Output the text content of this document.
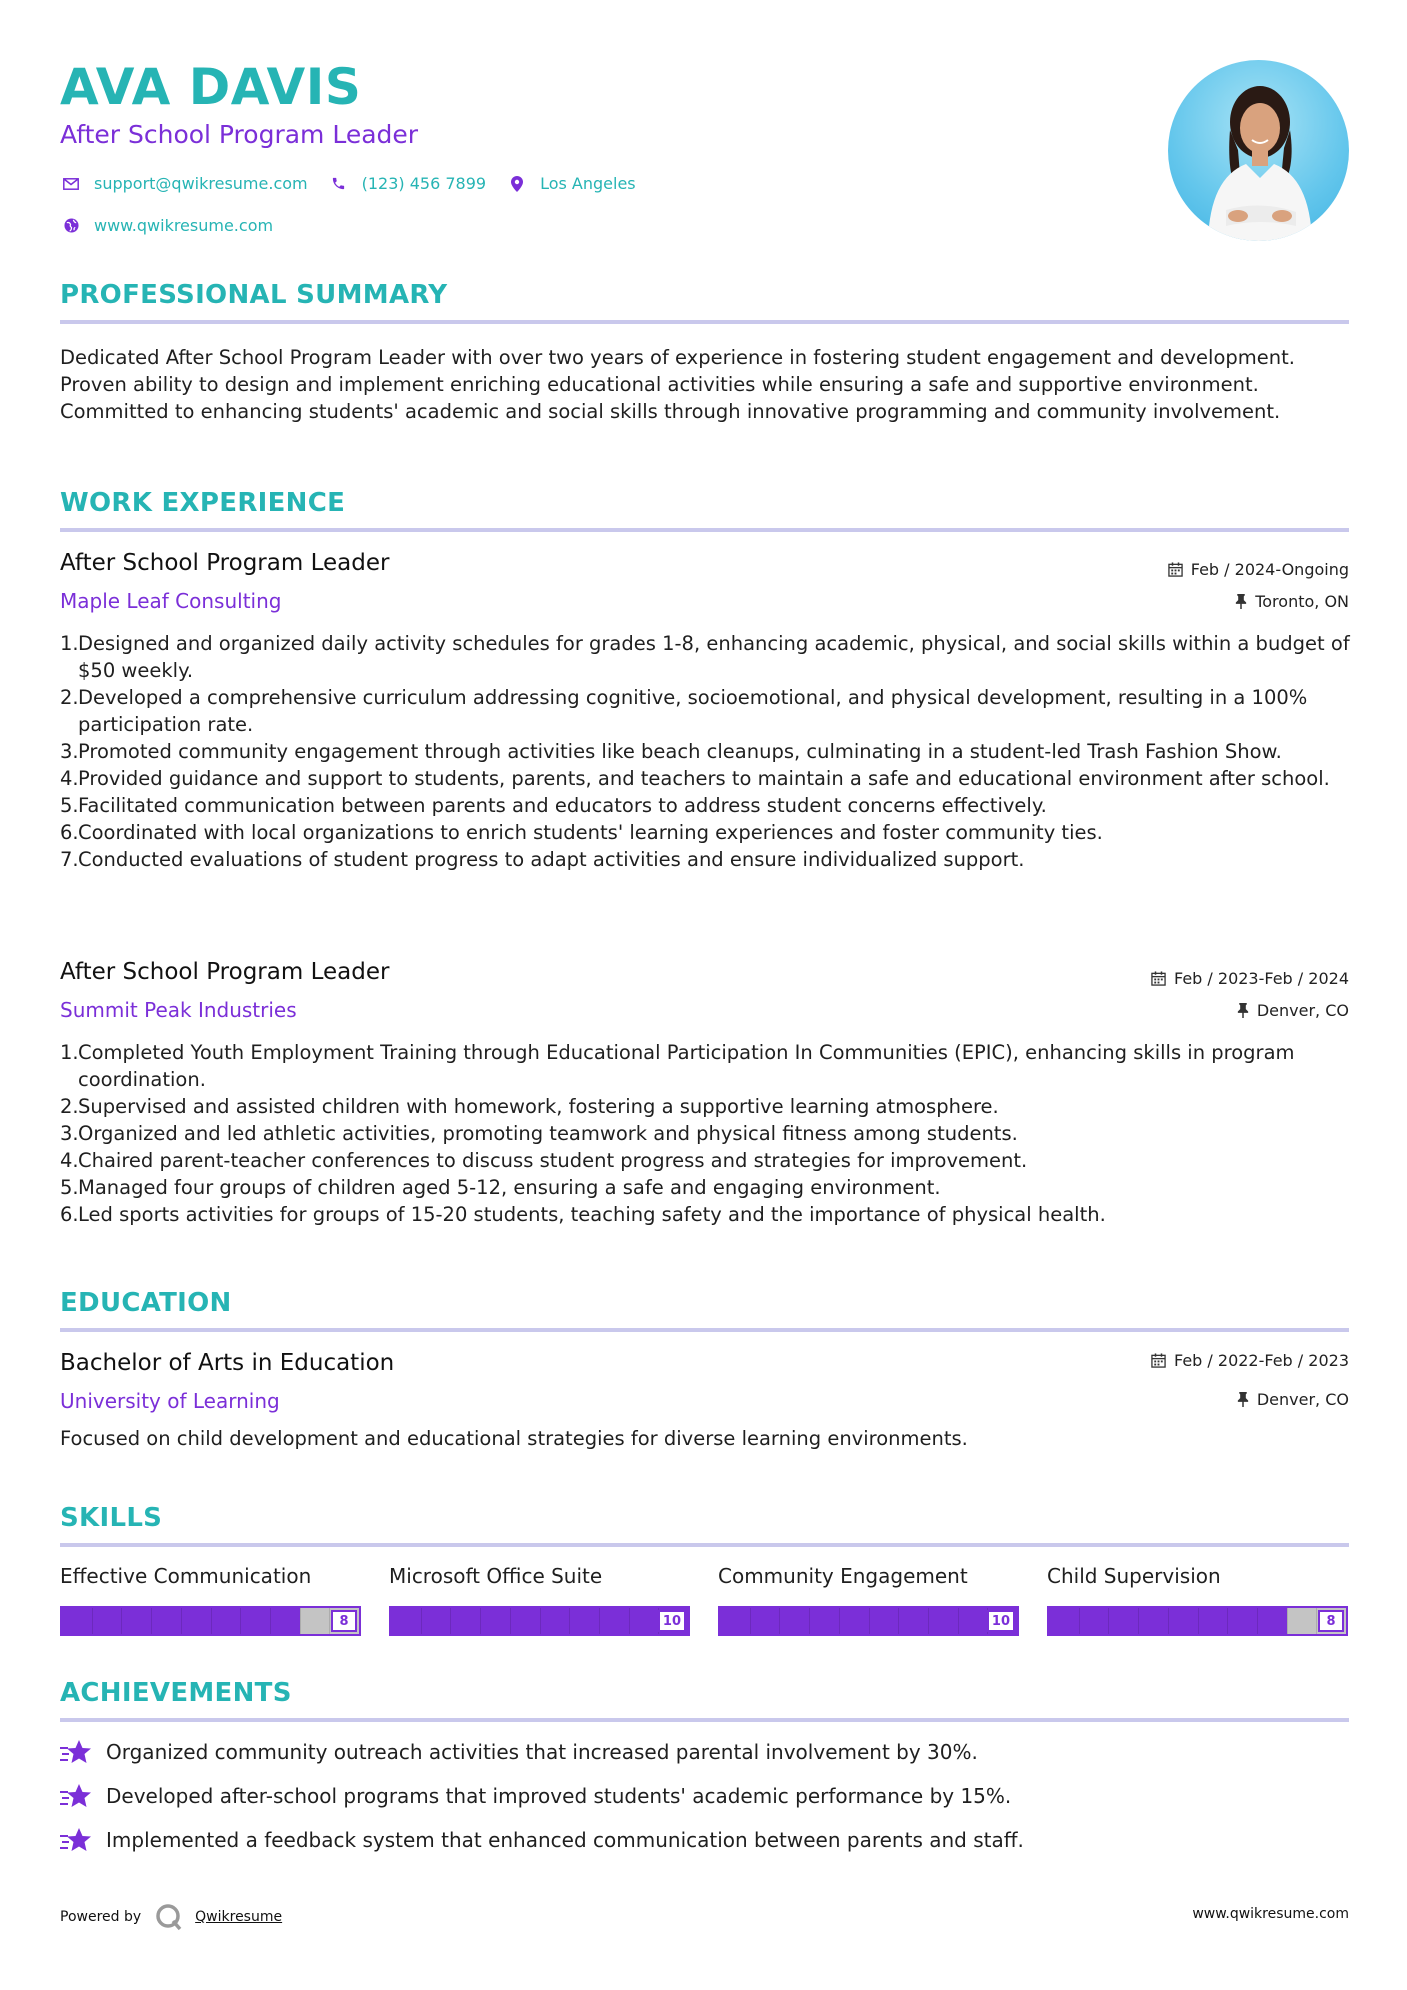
AVA DAVIS
After School Program Leader
support@qwikresume.com	(123) 456 7899	Los Angeles
www.qwikresume.com
PROFESSIONAL SUMMARY
Dedicated After School Program Leader with over two years of experience in fostering student engagement and development. Proven ability to design and implement enriching educational activities while ensuring a safe and supportive environment. Committed to enhancing students' academic and social skills through innovative programming and community involvement.
WORK EXPERIENCE
After School Program Leader
Maple Leaf Consulting
Feb / 2024-Ongoing
Toronto, ON
Designed and organized daily activity schedules for grades 1-8, enhancing academic, physical, and social skills within a budget of $50 weekly.
Developed a comprehensive curriculum addressing cognitive, socioemotional, and physical development, resulting in a 100% participation rate.
Promoted community engagement through activities like beach cleanups, culminating in a student-led Trash Fashion Show.
Provided guidance and support to students, parents, and teachers to maintain a safe and educational environment after school.
Facilitated communication between parents and educators to address student concerns effectively.
Coordinated with local organizations to enrich students' learning experiences and foster community ties.
Conducted evaluations of student progress to adapt activities and ensure individualized support.
After School Program Leader
Summit Peak Industries
Feb / 2023-Feb / 2024
Denver, CO
Completed Youth Employment Training through Educational Participation In Communities (EPIC), enhancing skills in program coordination.
Supervised and assisted children with homework, fostering a supportive learning atmosphere.
Organized and led athletic activities, promoting teamwork and physical fitness among students.
Chaired parent-teacher conferences to discuss student progress and strategies for improvement.
Managed four groups of children aged 5-12, ensuring a safe and engaging environment.
Led sports activities for groups of 15-20 students, teaching safety and the importance of physical health.
EDUCATION
Bachelor of Arts in Education
University of Learning
Feb / 2022-Feb / 2023
Denver, CO
Focused on child development and educational strategies for diverse learning environments.
SKILLS
Effective Communication
8
Microsoft Office Suite
10
Community Engagement
10
Child Supervision
8
ACHIEVEMENTS
Organized community outreach activities that increased parental involvement by 30%.
Developed after-school programs that improved students' academic performance by 15%.
Implemented a feedback system that enhanced communication between parents and staff.
Powered by	Qwikresume	www.qwikresume.com
